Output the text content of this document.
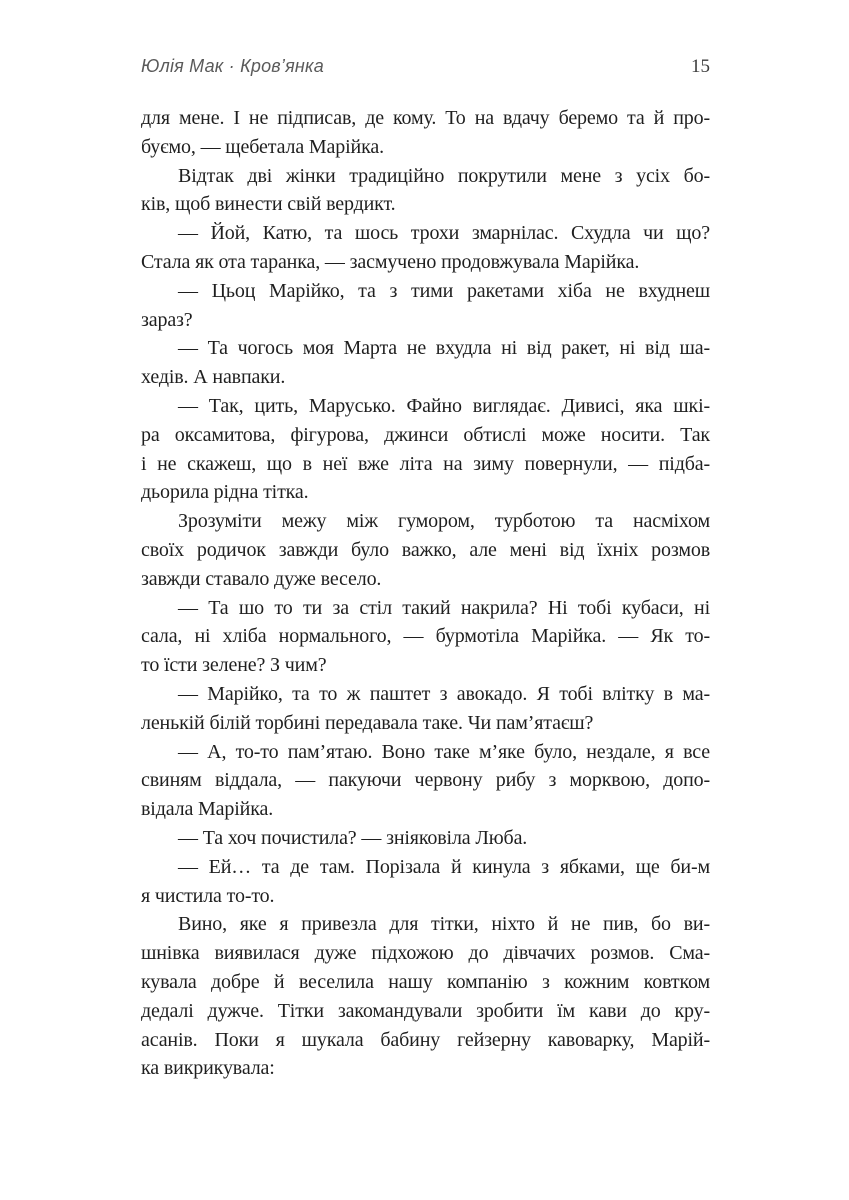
Юлія Мак · Кров’янка	15
для мене. І не підписав, де кому. То на вдачу беремо та й про-
буємо, — щебетала Марійка.
Відтак дві жінки традиційно покрутили мене з усіх бо-
ків, щоб винести свій вердикт.
— Йой, Катю, та шось трохи змарнілас. Схудла чи що?
Стала як ота таранка, — засмучено продовжувала Марійка.
— Цьоц Марійко, та з тими ракетами хіба не вхуднеш
зараз?
— Та чогось моя Марта не вхудла ні від ракет, ні від ша-
хедів. А навпаки.
— Так, цить, Марусько. Файно виглядає. Дивисі, яка шкі-
ра оксамитова, фігурова, джинси обтислі може носити. Так
і не скажеш, що в неї вже літа на зиму повернули, — підба-
дьорила рідна тітка.
Зрозуміти межу між гумором, турботою та насміхом
своїх родичок завжди було важко, але мені від їхніх розмов
завжди ставало дуже весело.
— Та шо то ти за стіл такий накрила? Ні тобі кубаси, ні
сала, ні хліба нормального, — бурмотіла Марійка. — Як то-
то їсти зелене? З чим?
— Марійко, та то ж паштет з авокадо. Я тобі влітку в ма-
ленькій білій торбині передавала таке. Чи пам’ятаєш?
— А, то-то пам’ятаю. Воно таке м’яке було, нездале, я все
свиням віддала, — пакуючи червону рибу з морквою, допо-
відала Марійка.
— Та хоч почистила? — зніяковіла Люба.
— Ей… та де там. Порізала й кинула з ябками, ще би-м
я чистила то-то.
Вино, яке я привезла для тітки, ніхто й не пив, бо ви-
шнівка виявилася дуже підхожою до дівчачих розмов. Сма-
кувала добре й веселила нашу компанію з кожним ковтком
дедалі дужче. Тітки закомандували зробити їм кави до кру-
асанів. Поки я шукала бабину гейзерну кавоварку, Марій-
ка викрикувала:
